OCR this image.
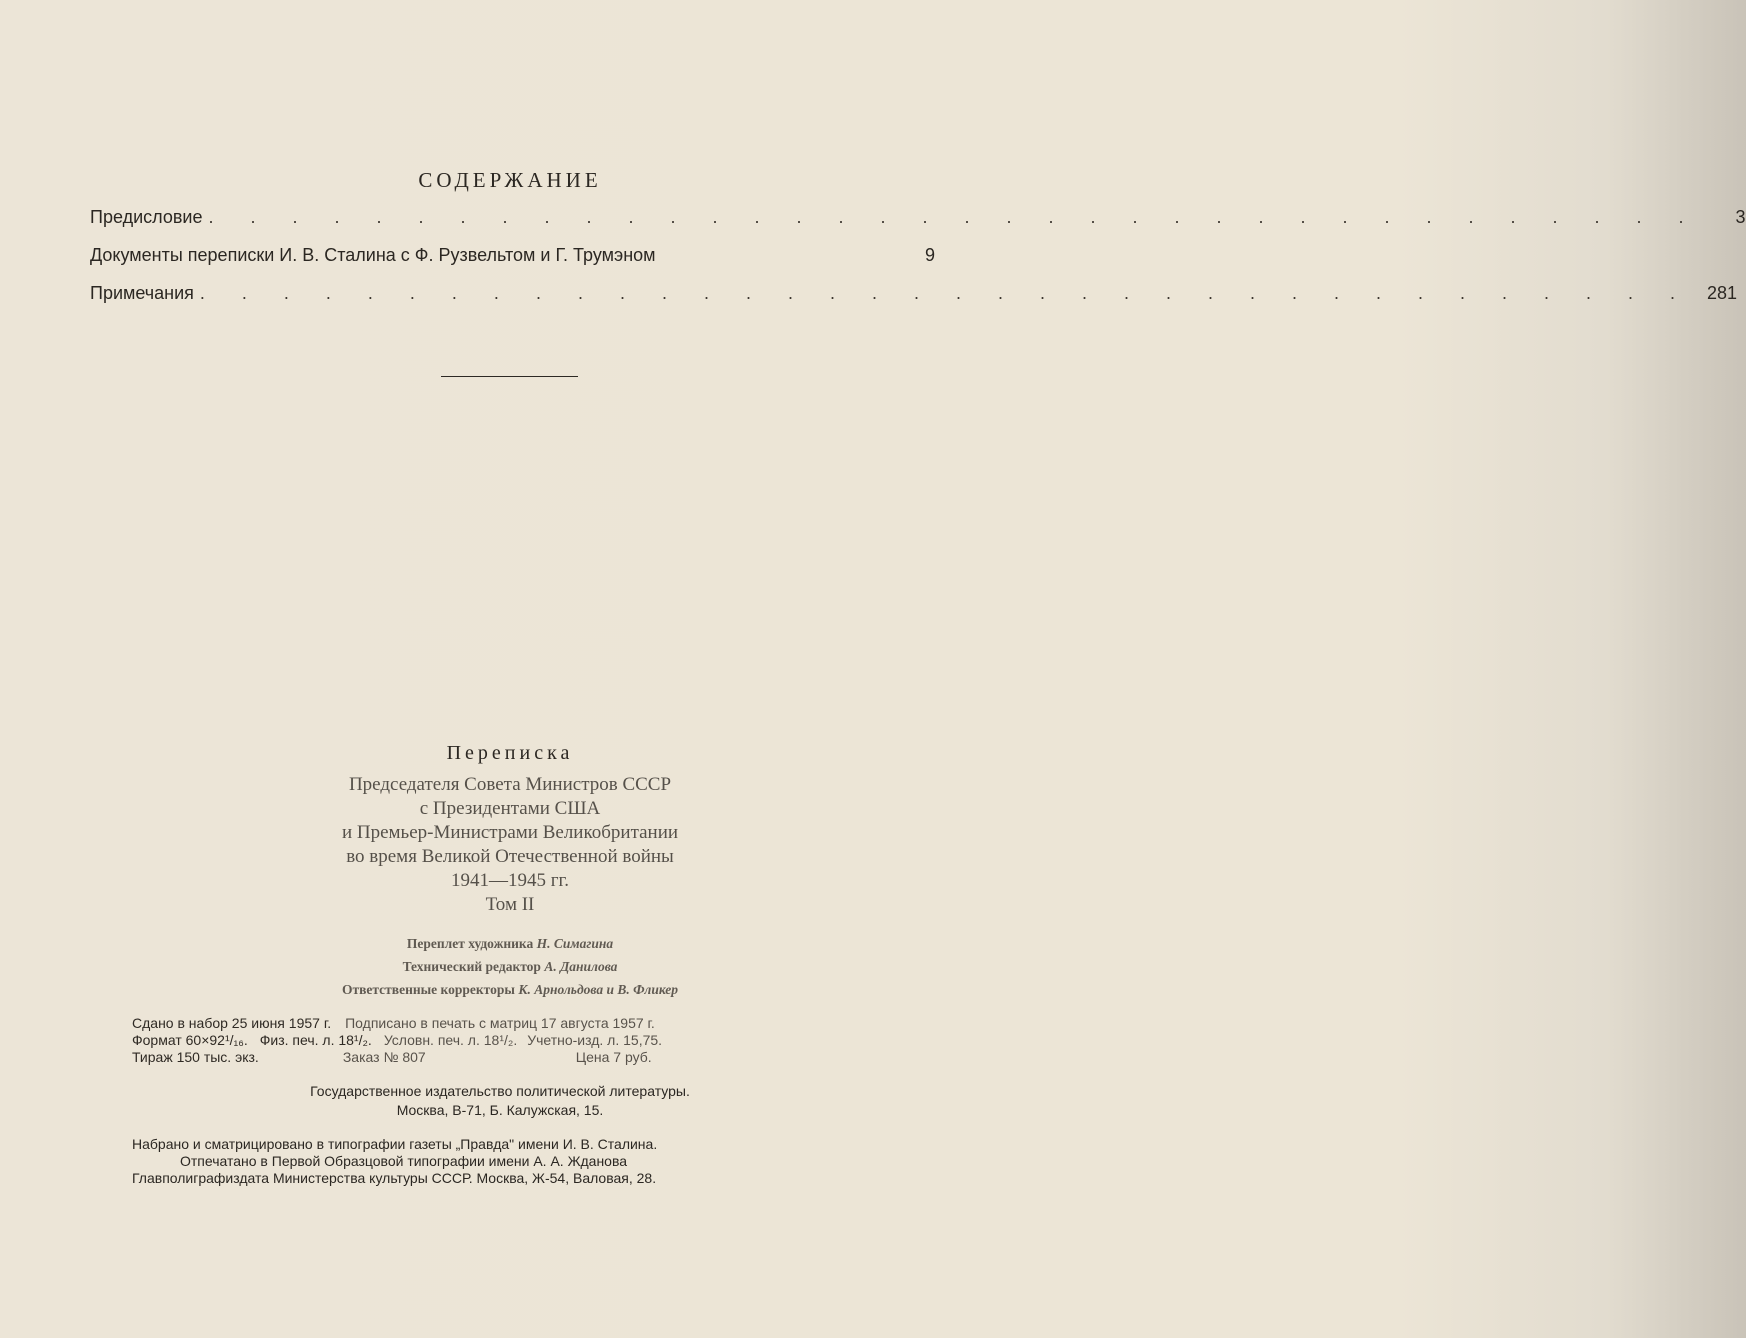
СОДЕРЖАНИЕ
Предисловие . . . . . . . . . . . . . . . . . . . . . . . . . . . . . . . . . . . .	3
Документы переписки И. В. Сталина с Ф. Рузвельтом и Г. Трумэном	9
Примечания . . . . . . . . . . . . . . . . . . . . . . . . . . . . . . . . . . . . 281
Переписка
Председателя Совета Министров СССР
с Президентами США
и Премьер-Министрами Великобритании
во время Великой Отечественной войны
1941—1945 гг.
Том II
Переплет художника Н. Симагина
Технический редактор А. Данилова
Ответственные корректоры К. Арнольдова и В. Фликер
Сдано в набор 25 июня 1957 г. Подписано в печать с матриц 17 августа 1957 г.
Формат 60×92¹/₁₆. Физ. печ. л. 18¹/₂. Условн. печ. л. 18¹/₂. Учетно-изд. л. 15,75.
Тираж 150 тыс. экз.	Заказ № 807	Цена 7 руб.
Государственное издательство политической литературы.
Москва, В-71, Б. Калужская, 15.
Набрано и сматрицировано в типографии газеты „Правда" имени И. В. Сталина.
Отпечатано в Первой Образцовой типографии имени А. А. Жданова
Главполиграфиздата Министерства культуры СССР. Москва, Ж-54, Валовая, 28.
